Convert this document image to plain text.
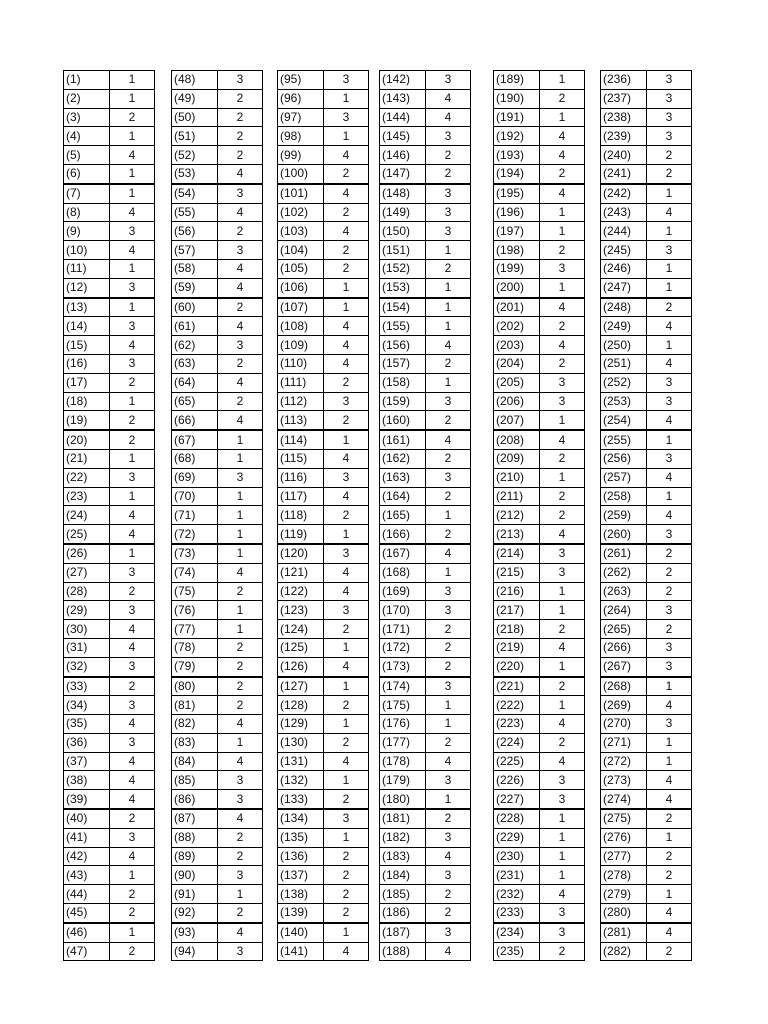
(1)	1
(2)	1
(3)	2
(4)	1
(5)	4
(6)	1
(7)	1
(8)	4
(9)	3
(10)	4
(11)	1
(12)	3
(13)	1
(14)	3
(15)	4
(16)	3
(17)	2
(18)	1
(19)	2
(20)	2
(21)	1
(22)	3
(23)	1
(24)	4
(25)	4
(26)	1
(27)	3
(28)	2
(29)	3
(30)	4
(31)	4
(32)	3
(33)	2
(34)	3
(35)	4
(36)	3
(37)	4
(38)	4
(39)	4
(40)	2
(41)	3
(42)	4
(43)	1
(44)	2
(45)	2
(46)	1
(47)	2
(48)	3
(49)	2
(50)	2
(51)	2
(52)	2
(53)	4
(54)	3
(55)	4
(56)	2
(57)	3
(58)	4
(59)	4
(60)	2
(61)	4
(62)	3
(63)	2
(64)	4
(65)	2
(66)	4
(67)	1
(68)	1
(69)	3
(70)	1
(71)	1
(72)	1
(73)	1
(74)	4
(75)	2
(76)	1
(77)	1
(78)	2
(79)	2
(80)	2
(81)	2
(82)	4
(83)	1
(84)	4
(85)	3
(86)	3
(87)	4
(88)	2
(89)	2
(90)	3
(91)	1
(92)	2
(93)	4
(94)	3
(95)	3
(96)	1
(97)	3
(98)	1
(99)	4
(100)	2
(101)	4
(102)	2
(103)	4
(104)	2
(105)	2
(106)	1
(107)	1
(108)	4
(109)	4
(110)	4
(111)	2
(112)	3
(113)	2
(114)	1
(115)	4
(116)	3
(117)	4
(118)	2
(119)	1
(120)	3
(121)	4
(122)	4
(123)	3
(124)	2
(125)	1
(126)	4
(127)	1
(128)	2
(129)	1
(130)	2
(131)	4
(132)	1
(133)	2
(134)	3
(135)	1
(136)	2
(137)	2
(138)	2
(139)	2
(140)	1
(141)	4
(142)	3
(143)	4
(144)	4
(145)	3
(146)	2
(147)	2
(148)	3
(149)	3
(150)	3
(151)	1
(152)	2
(153)	1
(154)	1
(155)	1
(156)	4
(157)	2
(158)	1
(159)	3
(160)	2
(161)	4
(162)	2
(163)	3
(164)	2
(165)	1
(166)	2
(167)	4
(168)	1
(169)	3
(170)	3
(171)	2
(172)	2
(173)	2
(174)	3
(175)	1
(176)	1
(177)	2
(178)	4
(179)	3
(180)	1
(181)	2
(182)	3
(183)	4
(184)	3
(185)	2
(186)	2
(187)	3
(188)	4
(189)	1
(190)	2
(191)	1
(192)	4
(193)	4
(194)	2
(195)	4
(196)	1
(197)	1
(198)	2
(199)	3
(200)	1
(201)	4
(202)	2
(203)	4
(204)	2
(205)	3
(206)	3
(207)	1
(208)	4
(209)	2
(210)	1
(211)	2
(212)	2
(213)	4
(214)	3
(215)	3
(216)	1
(217)	1
(218)	2
(219)	4
(220)	1
(221)	2
(222)	1
(223)	4
(224)	2
(225)	4
(226)	3
(227)	3
(228)	1
(229)	1
(230)	1
(231)	1
(232)	4
(233)	3
(234)	3
(235)	2
(236)	3
(237)	3
(238)	3
(239)	3
(240)	2
(241)	2
(242)	1
(243)	4
(244)	1
(245)	3
(246)	1
(247)	1
(248)	2
(249)	4
(250)	1
(251)	4
(252)	3
(253)	3
(254)	4
(255)	1
(256)	3
(257)	4
(258)	1
(259)	4
(260)	3
(261)	2
(262)	2
(263)	2
(264)	3
(265)	2
(266)	3
(267)	3
(268)	1
(269)	4
(270)	3
(271)	1
(272)	1
(273)	4
(274)	4
(275)	2
(276)	1
(277)	2
(278)	2
(279)	1
(280)	4
(281)	4
(282)	2
